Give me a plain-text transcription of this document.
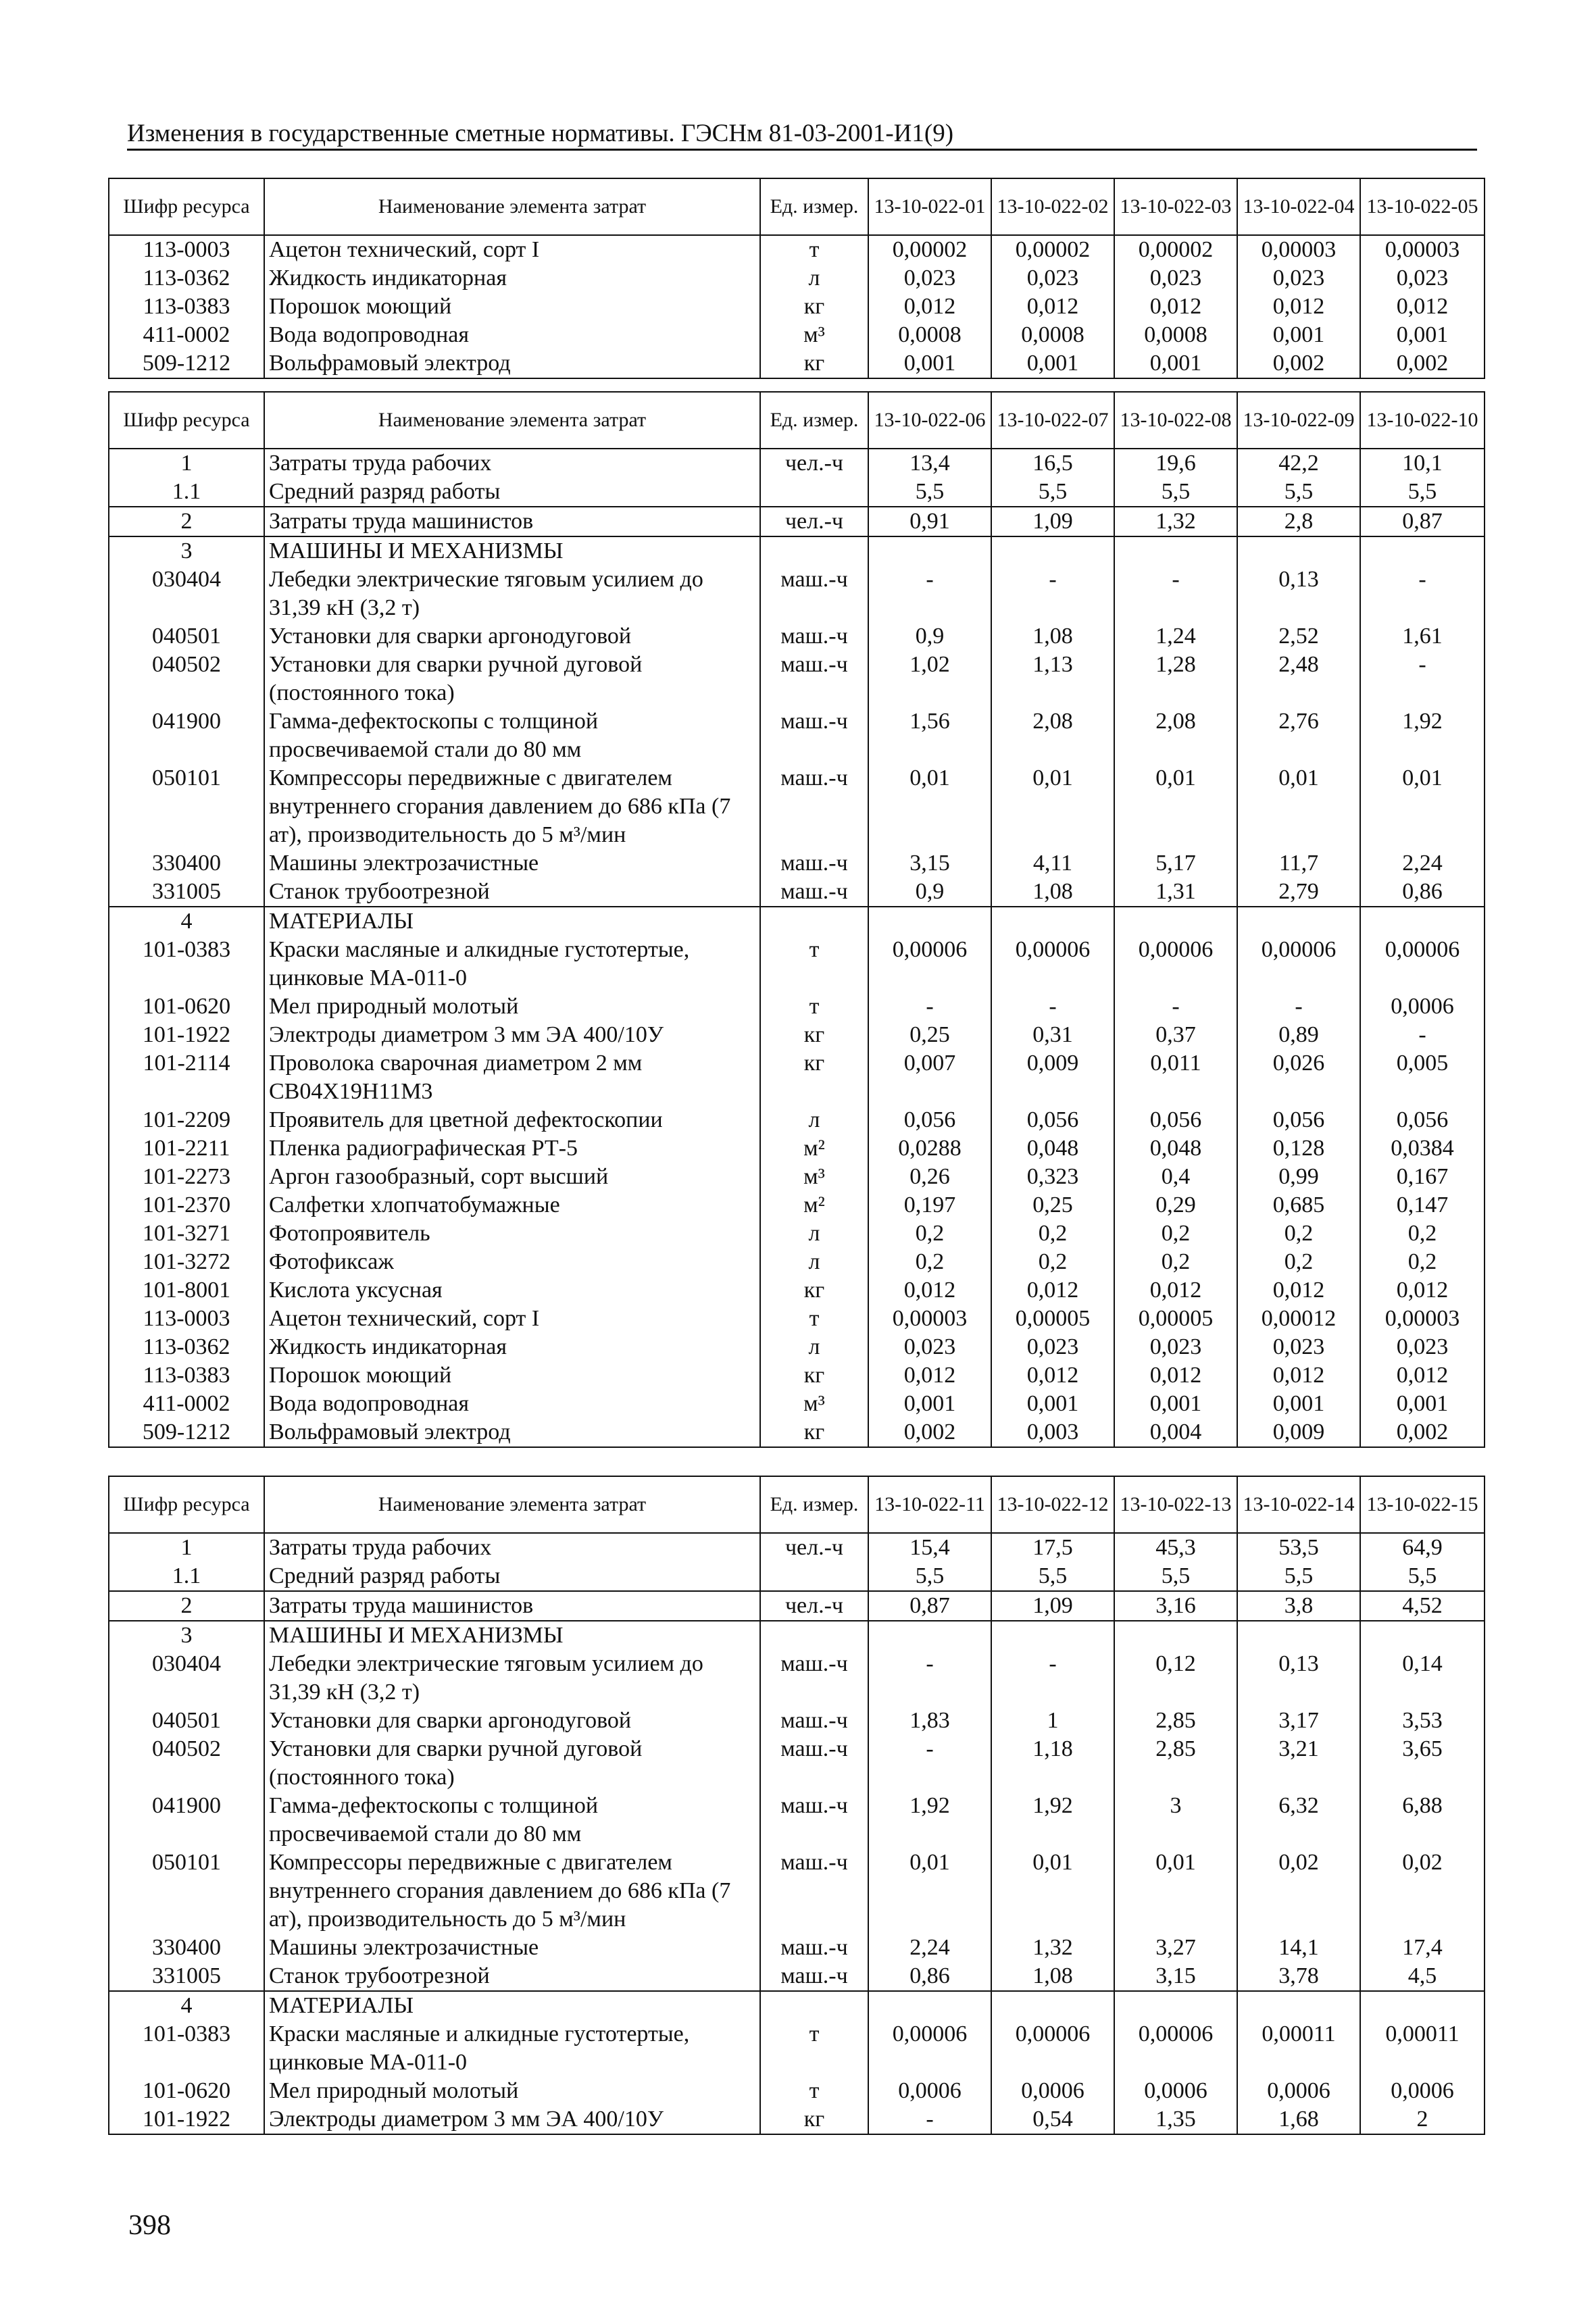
Изменения в государственные сметные нормативы. ГЭСНм 81-03-2001-И1(9)
Шифр ресурса	Наименование элемента затрат	Ед. измер.	13-10-022-01	13-10-022-02	13-10-022-03	13-10-022-04	13-10-022-05
113-0003	Ацетон технический, сорт I	т	0,00002	0,00002	0,00002	0,00003	0,00003
113-0362	Жидкость индикаторная	л	0,023	0,023	0,023	0,023	0,023
113-0383	Порошок моющий	кг	0,012	0,012	0,012	0,012	0,012
411-0002	Вода водопроводная	м³	0,0008	0,0008	0,0008	0,001	0,001
509-1212	Вольфрамовый электрод	кг	0,001	0,001	0,001	0,002	0,002
Шифр ресурса	Наименование элемента затрат	Ед. измер.	13-10-022-06	13-10-022-07	13-10-022-08	13-10-022-09	13-10-022-10
1	Затраты труда рабочих	чел.-ч	13,4	16,5	19,6	42,2	10,1
1.1	Средний разряд работы		5,5	5,5	5,5	5,5	5,5
2	Затраты труда машинистов	чел.-ч	0,91	1,09	1,32	2,8	0,87
3	МАШИНЫ И МЕХАНИЗМЫ						
030404	Лебедки электрические тяговым усилием до 31,39 кН (3,2 т)	маш.-ч	-	-	-	0,13	-
040501	Установки для сварки аргонодуговой	маш.-ч	0,9	1,08	1,24	2,52	1,61
040502	Установки для сварки ручной дуговой (постоянного тока)	маш.-ч	1,02	1,13	1,28	2,48	-
041900	Гамма-дефектоскопы с толщиной просвечиваемой стали до 80 мм	маш.-ч	1,56	2,08	2,08	2,76	1,92
050101	Компрессоры передвижные с двигателем внутреннего сгорания давлением до 686 кПа (7 ат), производительность до 5 м³/мин	маш.-ч	0,01	0,01	0,01	0,01	0,01
330400	Машины электрозачистные	маш.-ч	3,15	4,11	5,17	11,7	2,24
331005	Станок трубоотрезной	маш.-ч	0,9	1,08	1,31	2,79	0,86
4	МАТЕРИАЛЫ						
101-0383	Краски масляные и алкидные густотертые, цинковые МА-011-0	т	0,00006	0,00006	0,00006	0,00006	0,00006
101-0620	Мел природный молотый	т	-	-	-	-	0,0006
101-1922	Электроды диаметром 3 мм ЭА 400/10У	кг	0,25	0,31	0,37	0,89	-
101-2114	Проволока сварочная диаметром 2 мм СВ04Х19Н11М3	кг	0,007	0,009	0,011	0,026	0,005
101-2209	Проявитель для цветной дефектоскопии	л	0,056	0,056	0,056	0,056	0,056
101-2211	Пленка радиографическая РТ-5	м²	0,0288	0,048	0,048	0,128	0,0384
101-2273	Аргон газообразный, сорт высший	м³	0,26	0,323	0,4	0,99	0,167
101-2370	Салфетки хлопчатобумажные	м²	0,197	0,25	0,29	0,685	0,147
101-3271	Фотопроявитель	л	0,2	0,2	0,2	0,2	0,2
101-3272	Фотофиксаж	л	0,2	0,2	0,2	0,2	0,2
101-8001	Кислота уксусная	кг	0,012	0,012	0,012	0,012	0,012
113-0003	Ацетон технический, сорт I	т	0,00003	0,00005	0,00005	0,00012	0,00003
113-0362	Жидкость индикаторная	л	0,023	0,023	0,023	0,023	0,023
113-0383	Порошок моющий	кг	0,012	0,012	0,012	0,012	0,012
411-0002	Вода водопроводная	м³	0,001	0,001	0,001	0,001	0,001
509-1212	Вольфрамовый электрод	кг	0,002	0,003	0,004	0,009	0,002
Шифр ресурса	Наименование элемента затрат	Ед. измер.	13-10-022-11	13-10-022-12	13-10-022-13	13-10-022-14	13-10-022-15
1	Затраты труда рабочих	чел.-ч	15,4	17,5	45,3	53,5	64,9
1.1	Средний разряд работы		5,5	5,5	5,5	5,5	5,5
2	Затраты труда машинистов	чел.-ч	0,87	1,09	3,16	3,8	4,52
3	МАШИНЫ И МЕХАНИЗМЫ						
030404	Лебедки электрические тяговым усилием до 31,39 кН (3,2 т)	маш.-ч	-	-	0,12	0,13	0,14
040501	Установки для сварки аргонодуговой	маш.-ч	1,83	1	2,85	3,17	3,53
040502	Установки для сварки ручной дуговой (постоянного тока)	маш.-ч	-	1,18	2,85	3,21	3,65
041900	Гамма-дефектоскопы с толщиной просвечиваемой стали до 80 мм	маш.-ч	1,92	1,92	3	6,32	6,88
050101	Компрессоры передвижные с двигателем внутреннего сгорания давлением до 686 кПа (7 ат), производительность до 5 м³/мин	маш.-ч	0,01	0,01	0,01	0,02	0,02
330400	Машины электрозачистные	маш.-ч	2,24	1,32	3,27	14,1	17,4
331005	Станок трубоотрезной	маш.-ч	0,86	1,08	3,15	3,78	4,5
4	МАТЕРИАЛЫ						
101-0383	Краски масляные и алкидные густотертые, цинковые МА-011-0	т	0,00006	0,00006	0,00006	0,00011	0,00011
101-0620	Мел природный молотый	т	0,0006	0,0006	0,0006	0,0006	0,0006
101-1922	Электроды диаметром 3 мм ЭА 400/10У	кг	-	0,54	1,35	1,68	2
398
